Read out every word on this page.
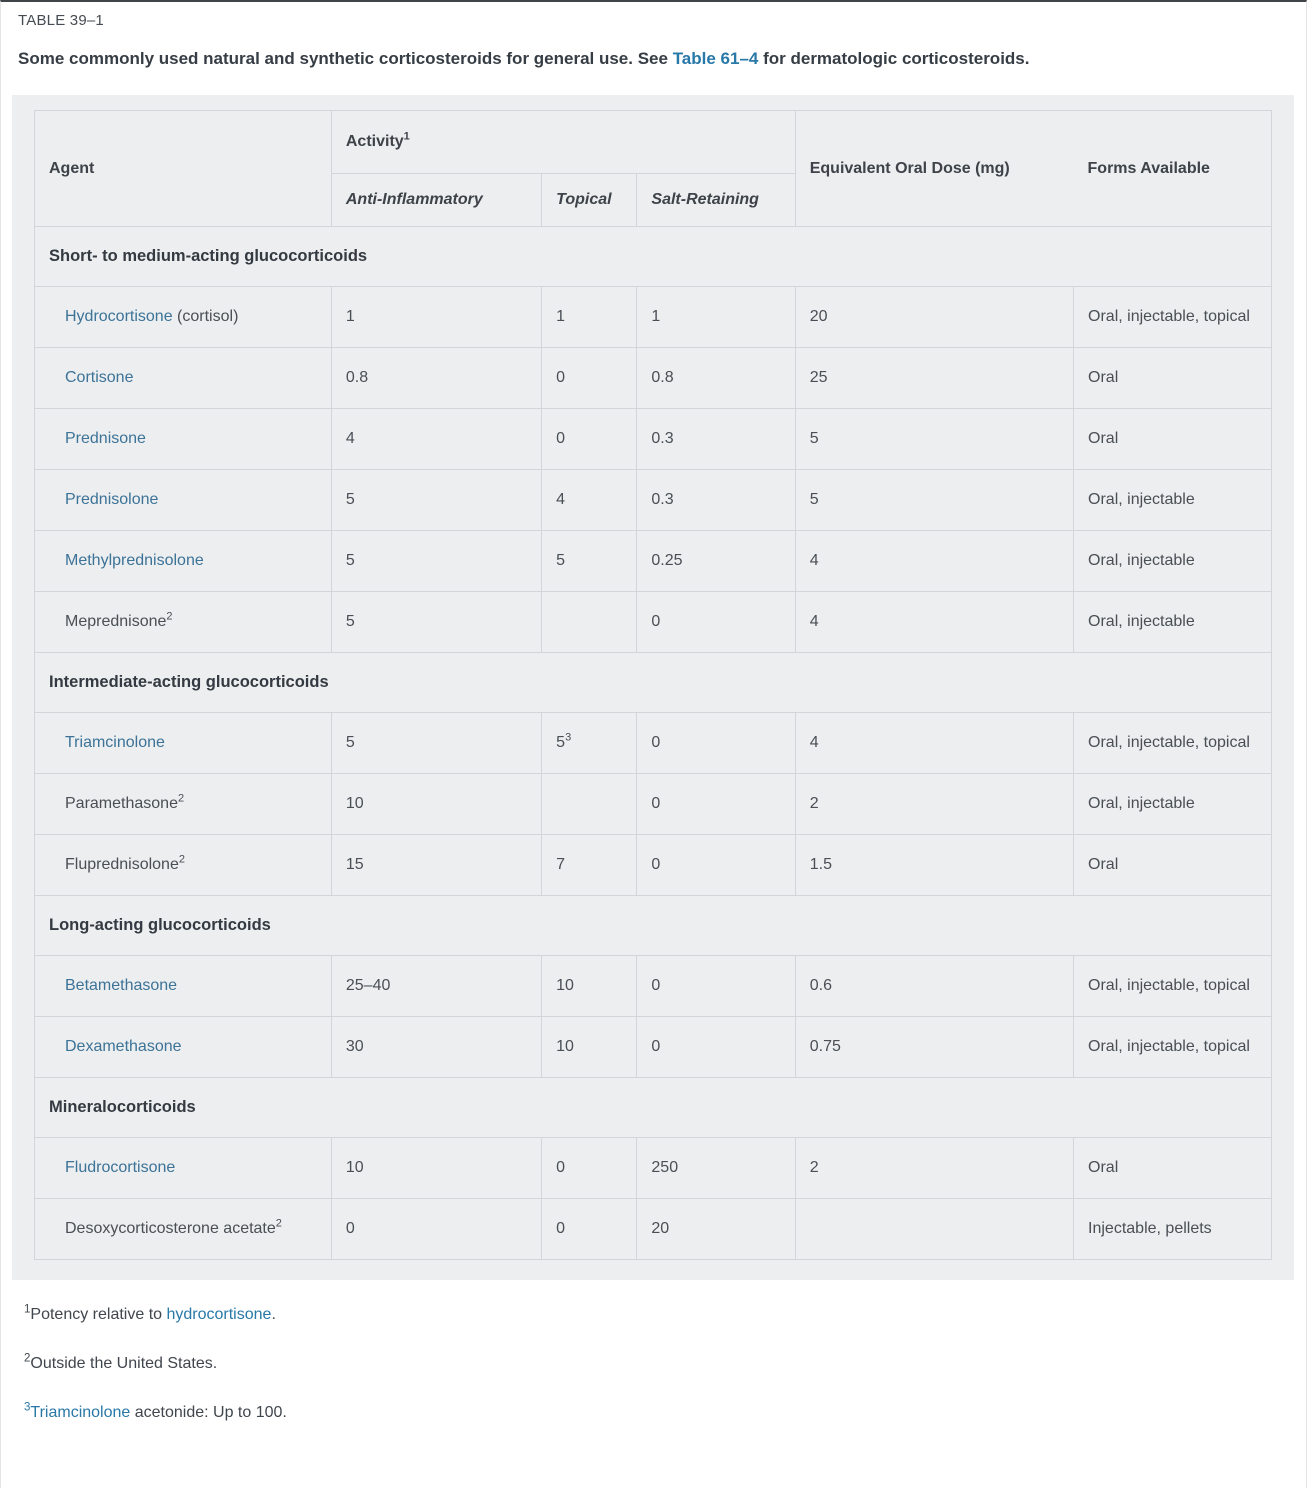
TABLE 39–1

Some commonly used natural and synthetic corticosteroids for general use. See Table 61–4 for dermatologic corticosteroids.

Agent	Activity$^1$			Equivalent Oral Dose (mg)	Forms Available
	Anti-Inflammatory	Topical	Salt-Retaining		
Short- to medium-acting glucocorticoids					
Hydrocortisone (cortisol)	1	1	1	20	Oral, injectable, topical
Cortisone	0.8	0	0.8	25	Oral
Prednisone	4	0	0.3	5	Oral
Prednisolone	5	4	0.3	5	Oral, injectable
Methylprednisolone	5	5	0.25	4	Oral, injectable
Meprednisone$^2$	5		0	4	Oral, injectable
Intermediate-acting glucocorticoids					
Triamcinolone	5	$5^3$	0	4	Oral, injectable, topical
Paramethasone$^2$	10		0	2	Oral, injectable
Fluprednisolone$^2$	15	7	0	1.5	Oral
Long-acting glucocorticoids					
Betamethasone	25–40	10	0	0.6	Oral, injectable, topical
Dexamethasone	30	10	0	0.75	Oral, injectable, topical
Mineralocorticoids					
Fludrocortisone	10	0	250	2	Oral
Desoxycorticosterone acetate$^2$	0	0	20		Injectable, pellets

$^1$Potency relative to hydrocortisone.

$^2$Outside the United States.

$^3$Triamcinolone acetonide: Up to 100.
